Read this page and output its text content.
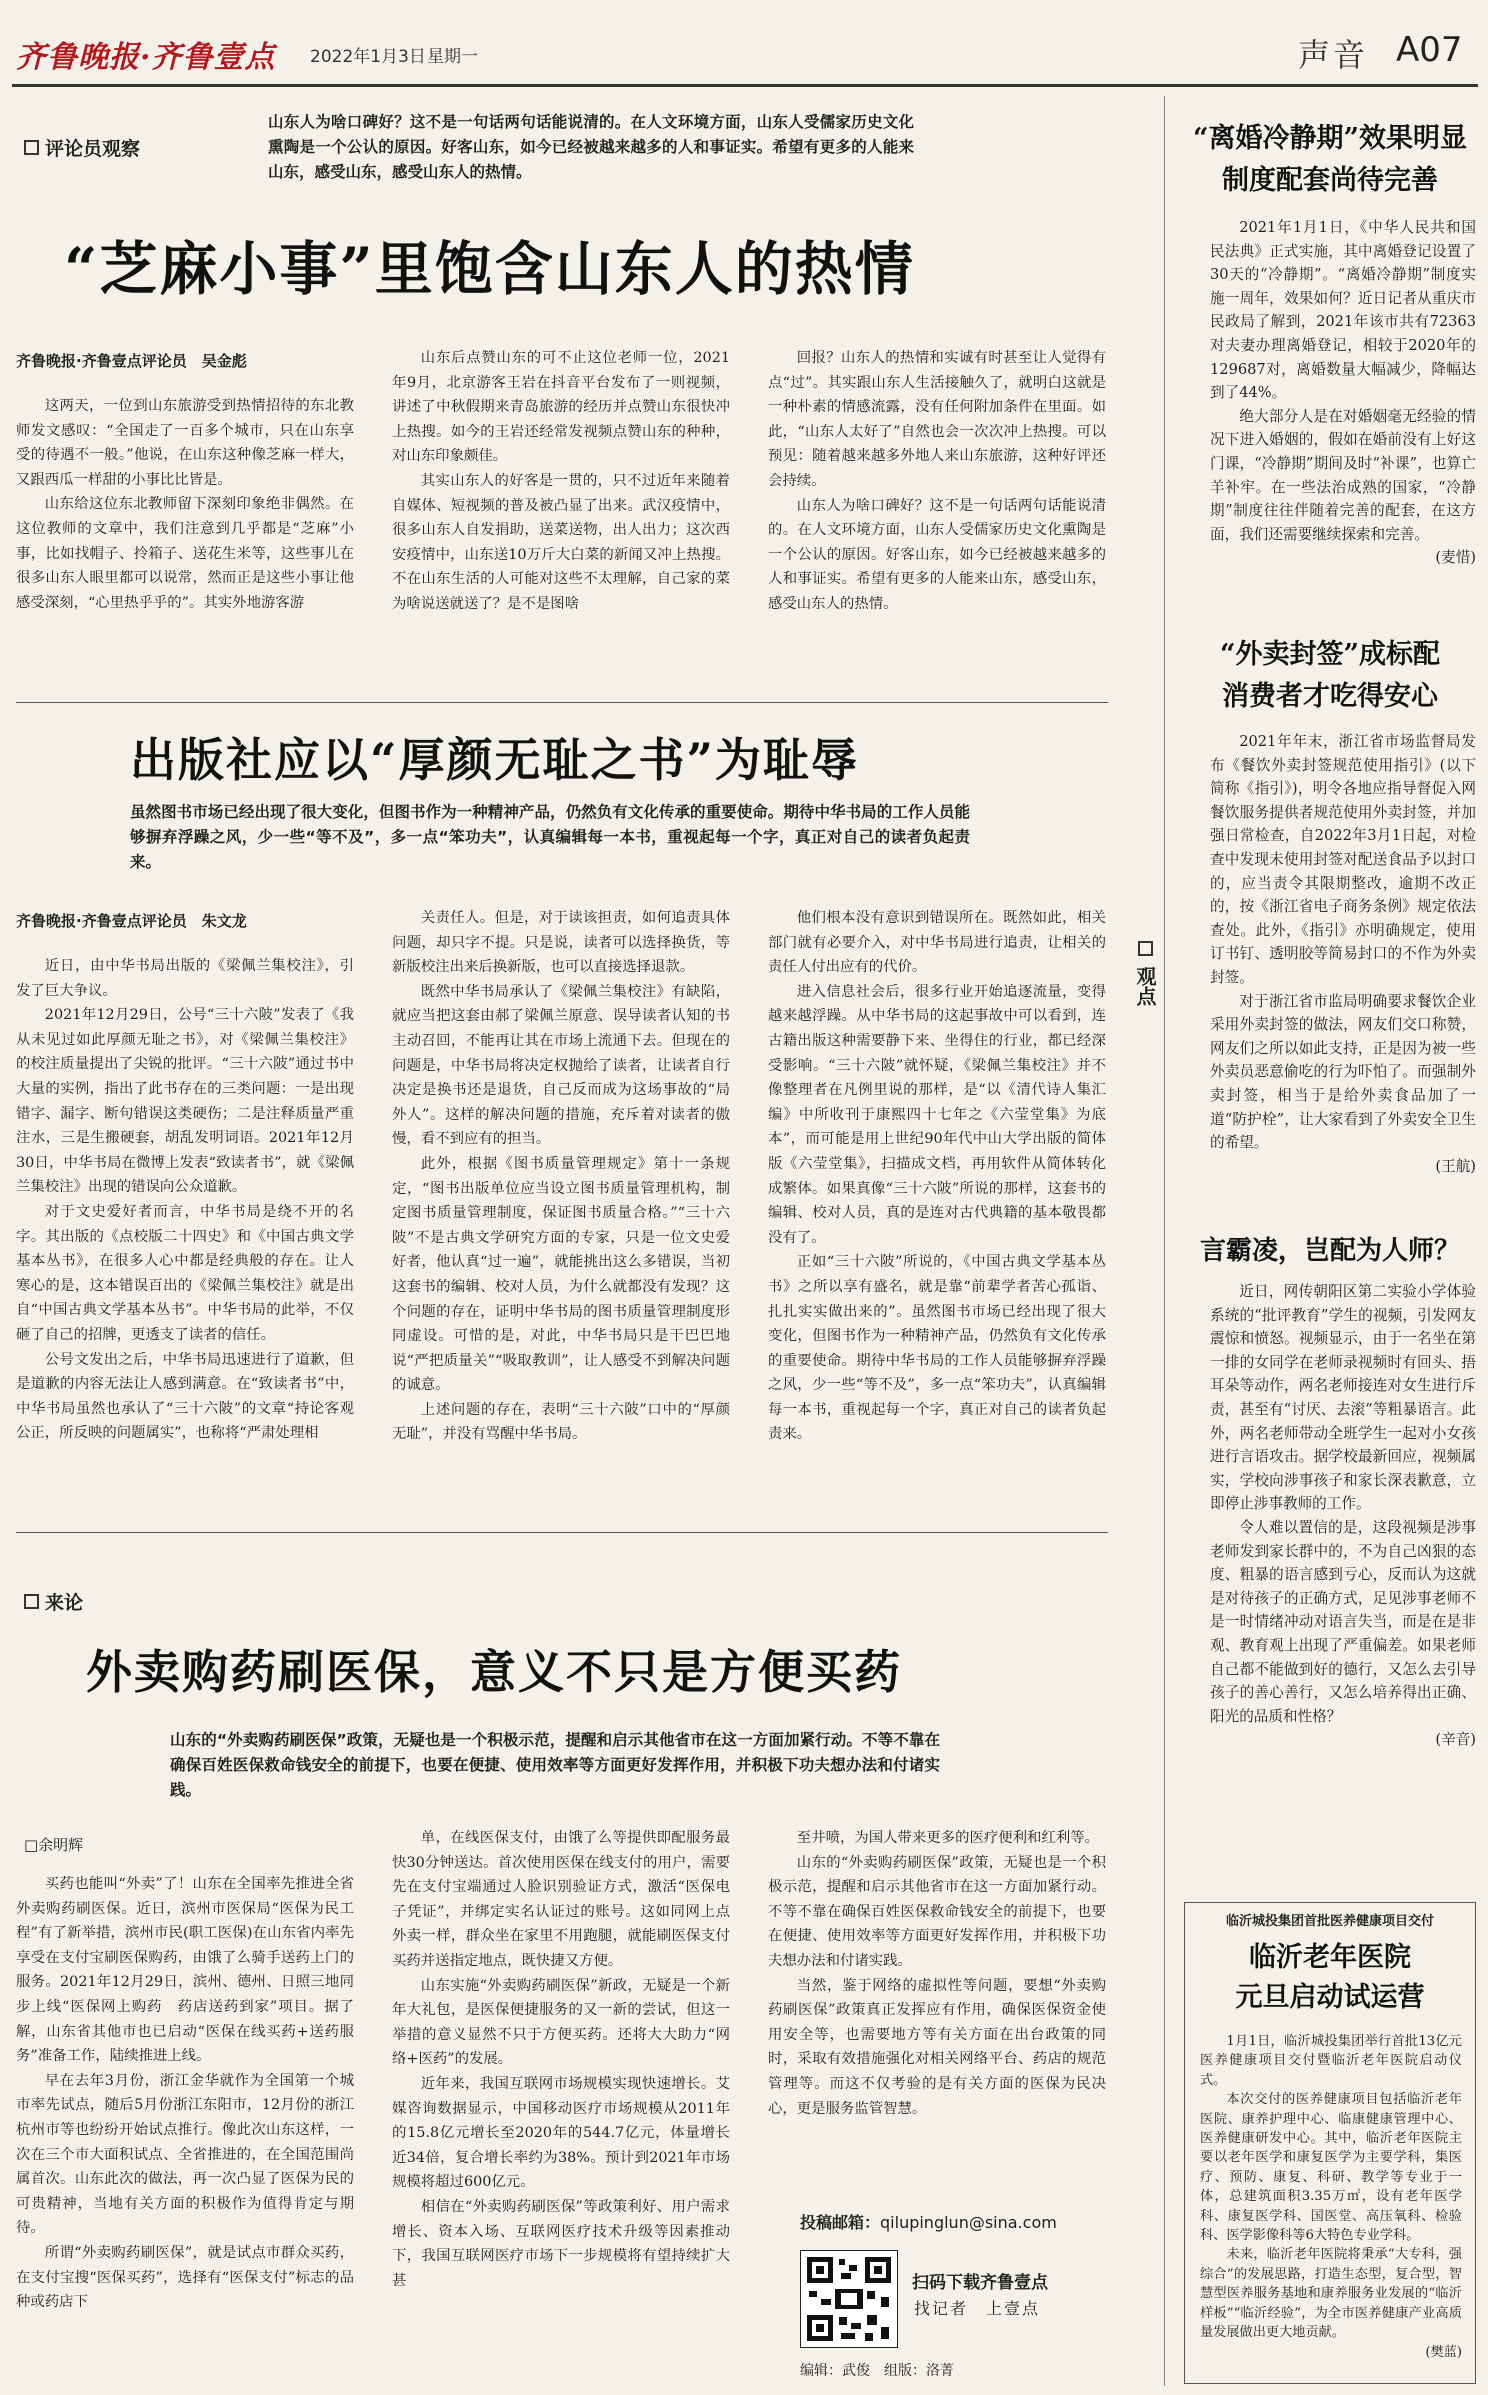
齐鲁晚报·齐鲁壹点 2022年1月3日 星期一	声音 A07
评论员观察
山东人为啥口碑好？这不是一句话两句话能说清的。在人文环境方面，山东人受儒家历史文化熏陶是一个公认的原因。好客山东，如今已经被越来越多的人和事证实。希望有更多的人能来山东，感受山东，感受山东人的热情。
“芝麻小事”里饱含山东人的热情
齐鲁晚报·齐鲁壹点评论员　吴金彪

这两天，一位到山东旅游受到热情招待的东北教师发文感叹：“全国走了一百多个城市，只在山东享受的待遇不一般。”他说，在山东这种像芝麻一样大，又跟西瓜一样甜的小事比比皆是。

山东给这位东北教师留下深刻印象绝非偶然。在这位教师的文章中，我们注意到几乎都是“芝麻”小事，比如找帽子、拎箱子、送花生米等，这些事儿在很多山东人眼里都可以说常，然而正是这些小事让他感受深刻，“心里热乎乎的”。其实外地游客游

山东后点赞山东的可不止这位老师一位，2021年9月，北京游客王岩在抖音平台发布了一则视频，讲述了中秋假期来青岛旅游的经历并点赞山东很快冲上热搜。如今的王岩还经常发视频点赞山东的种种，对山东印象颇佳。

其实山东人的好客是一贯的，只不过近年来随着自媒体、短视频的普及被凸显了出来。武汉疫情中，很多山东人自发捐助，送菜送物，出人出力；这次西安疫情中，山东送10万斤大白菜的新闻又冲上热搜。不在山东生活的人可能对这些不太理解，自己家的菜为啥说送就送了？是不是图啥

回报？山东人的热情和实诚有时甚至让人觉得有点“过”。其实跟山东人生活接触久了，就明白这就是一种朴素的情感流露，没有任何附加条件在里面。如此，“山东人太好了”自然也会一次次冲上热搜。可以预见：随着越来越多外地人来山东旅游，这种好评还会持续。

山东人为啥口碑好？这不是一句话两句话能说清的。在人文环境方面，山东人受儒家历史文化熏陶是一个公认的原因。好客山东，如今已经被越来越多的人和事证实。希望有更多的人能来山东，感受山东，感受山东人的热情。

出版社应以“厚颜无耻之书”为耻辱
虽然图书市场已经出现了很大变化，但图书作为一种精神产品，仍然负有文化传承的重要使命。期待中华书局的工作人员能够摒弃浮躁之风，少一些“等不及”，多一点“笨功夫”，认真编辑每一本书，重视起每一个字，真正对自己的读者负起责来。
齐鲁晚报·齐鲁壹点评论员　朱文龙

近日，由中华书局出版的《梁佩兰集校注》，引发了巨大争议。

2021年12月29日，公号“三十六陂”发表了《我从未见过如此厚颜无耻之书》，对《梁佩兰集校注》的校注质量提出了尖锐的批评。“三十六陂”通过书中大量的实例，指出了此书存在的三类问题：一是出现错字、漏字、断句错误这类硬伤；二是注释质量严重注水，三是生搬硬套，胡乱发明词语。2021年12月30日，中华书局在微博上发表“致读者书”，就《梁佩兰集校注》出现的错误向公众道歉。

对于文史爱好者而言，中华书局是绕不开的名字。其出版的《点校版二十四史》和《中国古典文学基本丛书》，在很多人心中都是经典般的存在。让人寒心的是，这本错误百出的《梁佩兰集校注》就是出自“中国古典文学基本丛书”。中华书局的此举，不仅砸了自己的招牌，更透支了读者的信任。

公号文发出之后，中华书局迅速进行了道歉，但是道歉的内容无法让人感到满意。在“致读者书”中，中华书局虽然也承认了“三十六陂”的文章“持论客观公正，所反映的问题属实”，也称将“严肃处理相

关责任人。但是，对于读该担责，如何追责具体问题，却只字不提。只是说，读者可以选择换货，等新版校注出来后换新版，也可以直接选择退款。

既然中华书局承认了《梁佩兰集校注》有缺陷，就应当把这套由郝了梁佩兰原意、误导读者认知的书主动召回，不能再让其在市场上流通下去。但现在的问题是，中华书局将决定权抛给了读者，让读者自行决定是换书还是退货，自己反而成为这场事故的“局外人”。这样的解决问题的措施，充斥着对读者的傲慢，看不到应有的担当。

此外，根据《图书质量管理规定》第十一条规定，“图书出版单位应当设立图书质量管理机构，制定图书质量管理制度，保证图书质量合格。”“三十六陂”不是古典文学研究方面的专家，只是一位文史爱好者，他认真“过一遍”，就能挑出这么多错误，当初这套书的编辑、校对人员，为什么就都没有发现？这个问题的存在，证明中华书局的图书质量管理制度形同虚设。可惜的是，对此，中华书局只是干巴巴地说“严把质量关”“吸取教训”，让人感受不到解决问题的诚意。

上述问题的存在，表明“三十六陂”口中的“厚颜无耻”，并没有骂醒中华书局。

他们根本没有意识到错误所在。既然如此，相关部门就有必要介入，对中华书局进行追责，让相关的责任人付出应有的代价。

进入信息社会后，很多行业开始追逐流量，变得越来越浮躁。从中华书局的这起事故中可以看到，连古籍出版这种需要静下来、坐得住的行业，都已经深受影响。“三十六陂”就怀疑，《梁佩兰集校注》并不像整理者在凡例里说的那样，是“以《清代诗人集汇编》中所收刊于康熙四十七年之《六莹堂集》为底本”，而可能是用上世纪90年代中山大学出版的简体版《六莹堂集》，扫描成文档，再用软件从简体转化成繁体。如果真像“三十六陂”所说的那样，这套书的编辑、校对人员，真的是连对古代典籍的基本敬畏都没有了。

正如“三十六陂”所说的，《中国古典文学基本丛书》之所以享有盛名，就是靠“前辈学者苦心孤诣、扎扎实实做出来的”。虽然图书市场已经出现了很大变化，但图书作为一种精神产品，仍然负有文化传承的重要使命。期待中华书局的工作人员能够摒弃浮躁之风，少一些“等不及”，多一点“笨功夫”，认真编辑每一本书，重视起每一个字，真正对自己的读者负起责来。

来论
外卖购药刷医保，意义不只是方便买药
山东的“外卖购药刷医保”政策，无疑也是一个积极示范，提醒和启示其他省市在这一方面加紧行动。不等不靠在确保百姓医保救命钱安全的前提下，也要在便捷、使用效率等方面更好发挥作用，并积极下功夫想办法和付诸实践。
□余明辉

买药也能叫“外卖”了！山东在全国率先推进全省外卖购药刷医保。近日，滨州市医保局“医保为民工程”有了新举措，滨州市民(职工医保)在山东省内率先享受在支付宝刷医保购药，由饿了么骑手送药上门的服务。2021年12月29日，滨州、德州、日照三地同步上线“医保网上购药　药店送药到家”项目。据了解，山东省其他市也已启动“医保在线买药+送药服务”准备工作，陆续推进上线。

早在去年3月份，浙江金华就作为全国第一个城市率先试点，随后5月份浙江东阳市，12月份的浙江杭州市等也纷纷开始试点推行。像此次山东这样，一次在三个市大面积试点、全省推进的，在全国范围尚属首次。山东此次的做法，再一次凸显了医保为民的可贵精神，当地有关方面的积极作为值得肯定与期待。

所谓“外卖购药刷医保”，就是试点市群众买药，在支付宝搜“医保买药”，选择有“医保支付”标志的品种或药店下

单，在线医保支付，由饿了么等提供即配服务最快30分钟送达。首次使用医保在线支付的用户，需要先在支付宝端通过人脸识别验证方式，激活“医保电子凭证”，并绑定实名认证过的账号。这如同网上点外卖一样，群众坐在家里不用跑腿，就能刷医保支付买药并送指定地点，既快捷又方便。

山东实施“外卖购药刷医保”新政，无疑是一个新年大礼包，是医保便捷服务的又一新的尝试，但这一举措的意义显然不只于方便买药。还将大大助力“网络+医药”的发展。

近年来，我国互联网市场规模实现快速增长。艾媒咨询数据显示，中国移动医疗市场规模从2011年的15.8亿元增长至2020年的544.7亿元，体量增长近34倍，复合增长率约为38%。预计到2021年市场规模将超过600亿元。

相信在“外卖购药刷医保”等政策利好、用户需求增长、资本入场、互联网医疗技术升级等因素推动下，我国互联网医疗市场下一步规模将有望持续扩大甚

至井喷，为国人带来更多的医疗便利和红利等。

山东的“外卖购药刷医保”政策，无疑也是一个积极示范，提醒和启示其他省市在这一方面加紧行动。不等不靠在确保百姓医保救命钱安全的前提下，也要在便捷、使用效率等方面更好发挥作用，并积极下功夫想办法和付诸实践。

当然，鉴于网络的虚拟性等问题，要想“外卖购药刷医保”政策真正发挥应有作用，确保医保资金使用安全等，也需要地方等有关方面在出台政策的同时，采取有效措施强化对相关网络平台、药店的规范管理等。而这不仅考验的是有关方面的医保为民决心，更是服务监管智慧。

投稿邮箱：qilupinglun@sina.com
扫码下载齐鲁壹点
找记者　上壹点
编辑：武俊　组版：洛菁
“离婚冷静期”效果明显
制度配套尚待完善

2021年1月1日，《中华人民共和国民法典》正式实施，其中离婚登记设置了30天的“冷静期”。“离婚冷静期”制度实施一周年，效果如何？近日记者从重庆市民政局了解到，2021年该市共有72363对夫妻办理离婚登记，相较于2020年的129687对，离婚数量大幅减少，降幅达到了44%。

绝大部分人是在对婚姻毫无经验的情况下进入婚姻的，假如在婚前没有上好这门课，“冷静期”期间及时“补课”，也算亡羊补牢。在一些法治成熟的国家，“冷静期”制度往往伴随着完善的配套，在这方面，我们还需要继续探索和完善。

(麦惜)
“外卖封签”成标配
消费者才吃得安心

2021年年末，浙江省市场监督局发布《餐饮外卖封签规范使用指引》(以下简称《指引》)，明令各地应指导督促入网餐饮服务提供者规范使用外卖封签，并加强日常检查，自2022年3月1日起，对检查中发现未使用封签对配送食品予以封口的，应当责令其限期整改，逾期不改正的，按《浙江省电子商务条例》规定依法查处。此外，《指引》亦明确规定，使用订书钉、透明胶等简易封口的不作为外卖封签。

对于浙江省市监局明确要求餐饮企业采用外卖封签的做法，网友们交口称赞，网友们之所以如此支持，正是因为被一些外卖员恶意偷吃的行为吓怕了。而强制外卖封签，相当于是给外卖食品加了一道“防护栓”，让大家看到了外卖安全卫生的希望。

(王航)
观点
言霸凌，岂配为人师？

近日，网传朝阳区第二实验小学体验系统的“批评教育”学生的视频，引发网友震惊和愤怒。视频显示，由于一名坐在第一排的女同学在老师录视频时有回头、捂耳朵等动作，两名老师接连对女生进行斥责，甚至有“讨厌、去滚”等粗暴语言。此外，两名老师带动全班学生一起对小女孩进行言语攻击。据学校最新回应，视频属实，学校向涉事孩子和家长深表歉意，立即停止涉事教师的工作。

令人难以置信的是，这段视频是涉事老师发到家长群中的，不为自己凶狠的态度、粗暴的语言感到亏心，反而认为这就是对待孩子的正确方式，足见涉事老师不是一时情绪冲动对语言失当，而是在是非观、教育观上出现了严重偏差。如果老师自己都不能做到好的德行，又怎么去引导孩子的善心善行，又怎么培养得出正确、阳光的品质和性格？

(辛音)
临沂城投集团首批医养健康项目交付
临沂老年医院
元旦启动试运营

1月1日，临沂城投集团举行首批13亿元医养健康项目交付暨临沂老年医院启动仪式。

本次交付的医养健康项目包括临沂老年医院、康养护理中心、临康健康管理中心、医养健康研发中心。其中，临沂老年医院主要以老年医学和康复医学为主要学科，集医疗、预防、康复、科研、教学等专业于一体，总建筑面积3.35万㎡，设有老年医学科、康复医学科、国医堂、高压氧科、检验科、医学影像科等6大特色专业学科。

未来，临沂老年医院将秉承“大专科，强综合”的发展思路，打造生态型，复合型，智慧型医养服务基地和康养服务业发展的“临沂样板”“临沂经验”，为全市医养健康产业高质量发展做出更大地贡献。

(樊蓝)
